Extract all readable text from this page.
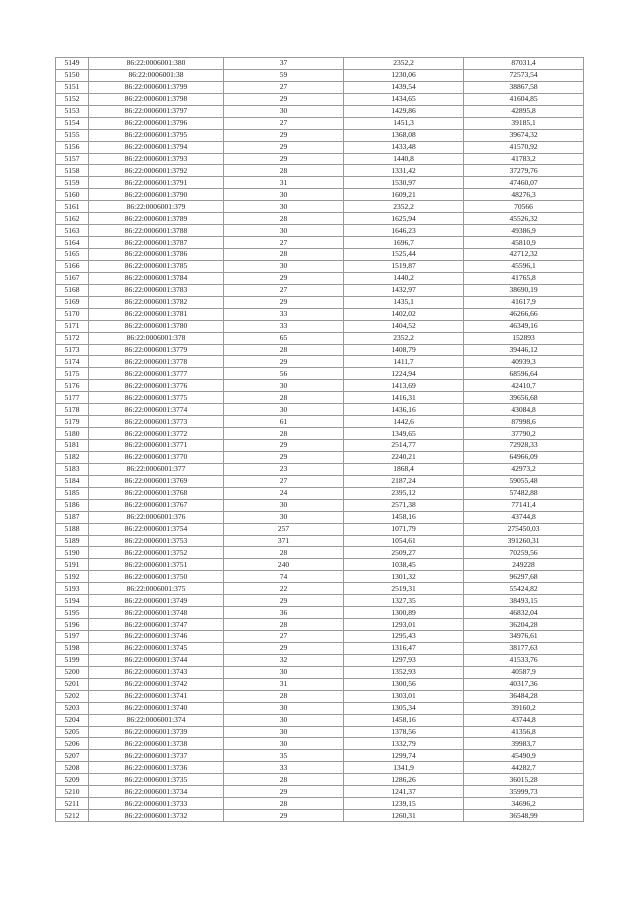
5149	86:22:0006001:380	37	2352,2	87031,4
5150	86:22:0006001:38	59	1230,06	72573,54
5151	86:22:0006001:3799	27	1439,54	38867,58
5152	86:22:0006001:3798	29	1434,65	41604,85
5153	86:22:0006001:3797	30	1429,86	42895,8
5154	86:22:0006001:3796	27	1451,3	39185,1
5155	86:22:0006001:3795	29	1368,08	39674,32
5156	86:22:0006001:3794	29	1433,48	41570,92
5157	86:22:0006001:3793	29	1440,8	41783,2
5158	86:22:0006001:3792	28	1331,42	37279,76
5159	86:22:0006001:3791	31	1530,97	47460,07
5160	86:22:0006001:3790	30	1609,21	48276,3
5161	86:22:0006001:379	30	2352,2	70566
5162	86:22:0006001:3789	28	1625,94	45526,32
5163	86:22:0006001:3788	30	1646,23	49386,9
5164	86:22:0006001:3787	27	1696,7	45810,9
5165	86:22:0006001:3786	28	1525,44	42712,32
5166	86:22:0006001:3785	30	1519,87	45596,1
5167	86:22:0006001:3784	29	1440,2	41765,8
5168	86:22:0006001:3783	27	1432,97	38690,19
5169	86:22:0006001:3782	29	1435,1	41617,9
5170	86:22:0006001:3781	33	1402,02	46266,66
5171	86:22:0006001:3780	33	1404,52	46349,16
5172	86:22:0006001:378	65	2352,2	152893
5173	86:22:0006001:3779	28	1408,79	39446,12
5174	86:22:0006001:3778	29	1411,7	40939,3
5175	86:22:0006001:3777	56	1224,94	68596,64
5176	86:22:0006001:3776	30	1413,69	42410,7
5177	86:22:0006001:3775	28	1416,31	39656,68
5178	86:22:0006001:3774	30	1436,16	43084,8
5179	86:22:0006001:3773	61	1442,6	87998,6
5180	86:22:0006001:3772	28	1349,65	37790,2
5181	86:22:0006001:3771	29	2514,77	72928,33
5182	86:22:0006001:3770	29	2240,21	64966,09
5183	86:22:0006001:377	23	1868,4	42973,2
5184	86:22:0006001:3769	27	2187,24	59055,48
5185	86:22:0006001:3768	24	2395,12	57482,88
5186	86:22:0006001:3767	30	2571,38	77141,4
5187	86:22:0006001:376	30	1458,16	43744,8
5188	86:22:0006001:3754	257	1071,79	275450,03
5189	86:22:0006001:3753	371	1054,61	391260,31
5190	86:22:0006001:3752	28	2509,27	70259,56
5191	86:22:0006001:3751	240	1038,45	249228
5192	86:22:0006001:3750	74	1301,32	96297,68
5193	86:22:0006001:375	22	2519,31	55424,82
5194	86:22:0006001:3749	29	1327,35	38493,15
5195	86:22:0006001:3748	36	1300,89	46832,04
5196	86:22:0006001:3747	28	1293,01	36204,28
5197	86:22:0006001:3746	27	1295,43	34976,61
5198	86:22:0006001:3745	29	1316,47	38177,63
5199	86:22:0006001:3744	32	1297,93	41533,76
5200	86:22:0006001:3743	30	1352,93	40587,9
5201	86:22:0006001:3742	31	1300,56	40317,36
5202	86:22:0006001:3741	28	1303,01	36484,28
5203	86:22:0006001:3740	30	1305,34	39160,2
5204	86:22:0006001:374	30	1458,16	43744,8
5205	86:22:0006001:3739	30	1378,56	41356,8
5206	86:22:0006001:3738	30	1332,79	39983,7
5207	86:22:0006001:3737	35	1299,74	45490,9
5208	86:22:0006001:3736	33	1341,9	44282,7
5209	86:22:0006001:3735	28	1286,26	36015,28
5210	86:22:0006001:3734	29	1241,37	35999,73
5211	86:22:0006001:3733	28	1239,15	34696,2
5212	86:22:0006001:3732	29	1260,31	36548,99
